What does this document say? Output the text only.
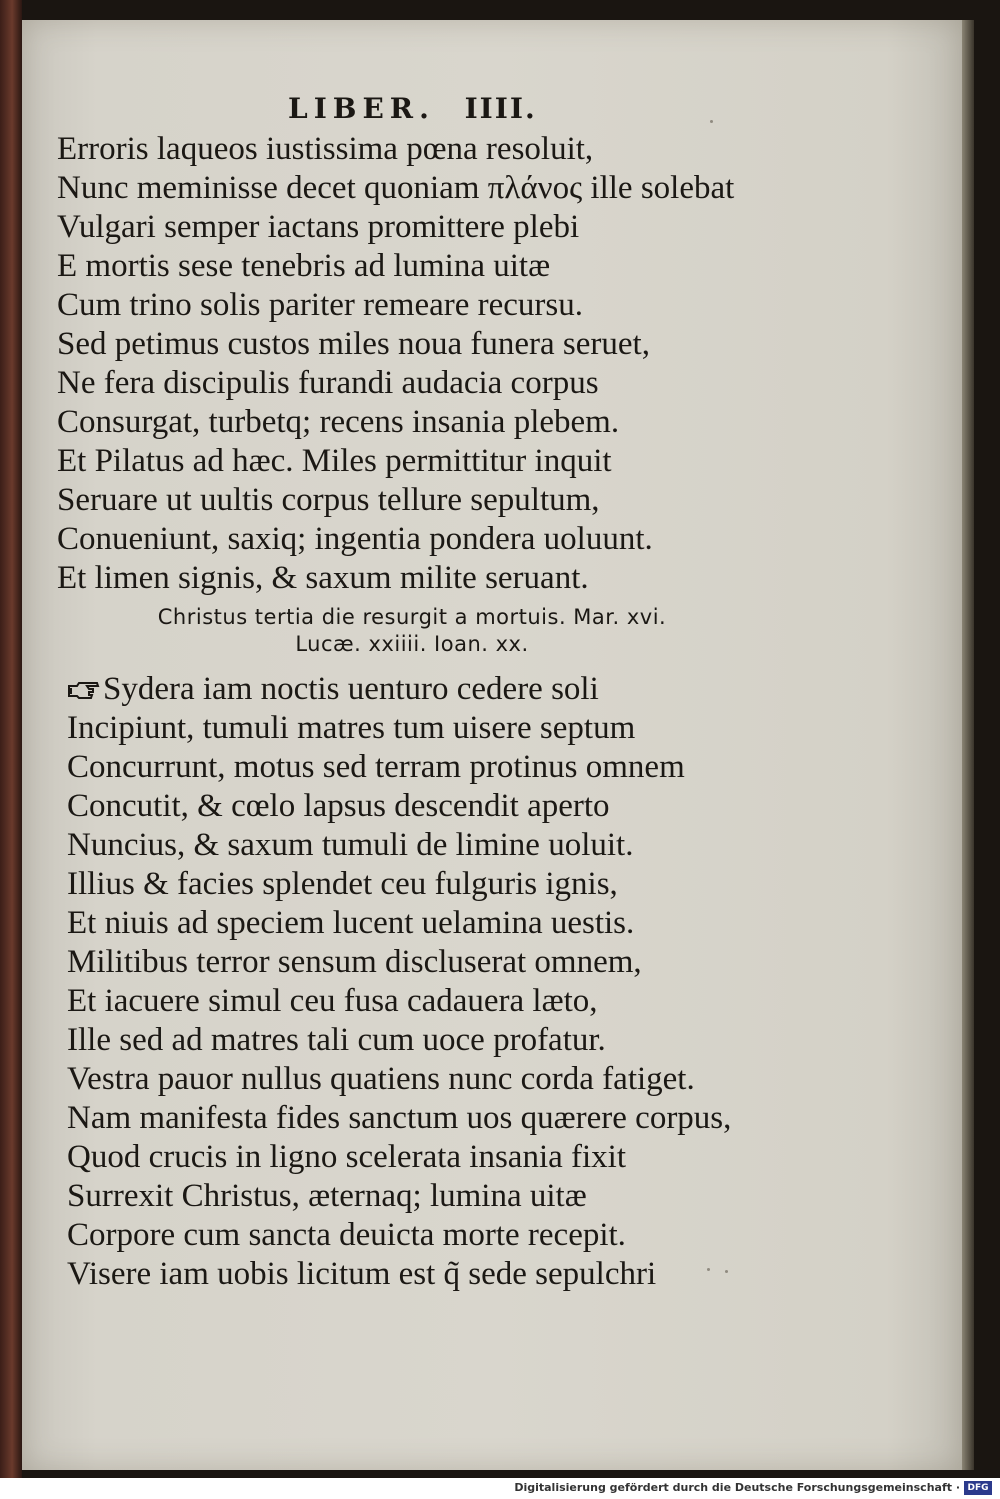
LIBER. IIII.
Erroris laqueos iustissima pœna resoluit,
Nunc meminisse decet quoniam πλάνος ille solebat
Vulgari semper iactans promittere plebi
E mortis sese tenebris ad lumina uitæ
Cum trino solis pariter remeare recursu.
Sed petimus custos miles noua funera seruet,
Ne fera discipulis furandi audacia corpus
Consurgat, turbetq; recens insania plebem.
Et Pilatus ad hæc. Miles permittitur inquit
Seruare ut uultis corpus tellure sepultum,
Conueniunt, saxiq; ingentia pondera uoluunt.
Et limen signis, & saxum milite seruant.
Christus tertia die resurgit a mortuis. Mar. xvi.
Lucæ. xxiiii. Ioan. xx.
Sydera iam noctis uenturo cedere soli
Incipiunt, tumuli matres tum uisere septum
Concurrunt, motus sed terram protinus omnem
Concutit, & cœlo lapsus descendit aperto
Nuncius, & saxum tumuli de limine uoluit.
Illius & facies splendet ceu fulguris ignis,
Et niuis ad speciem lucent uelamina uestis.
Militibus terror sensum discluserat omnem,
Et iacuere simul ceu fusa cadauera læto,
Ille sed ad matres tali cum uoce profatur.
Vestra pauor nullus quatiens nunc corda fatiget.
Nam manifesta fides sanctum uos quærere corpus,
Quod crucis in ligno scelerata insania fixit
Surrexit Christus, æternaq; lumina uitæ
Corpore cum sancta deuicta morte recepit.
Visere iam uobis licitum est q̃ sede sepulchri
Digitalisierung gefördert durch die Deutsche Forschungsgemeinschaft · DFG
